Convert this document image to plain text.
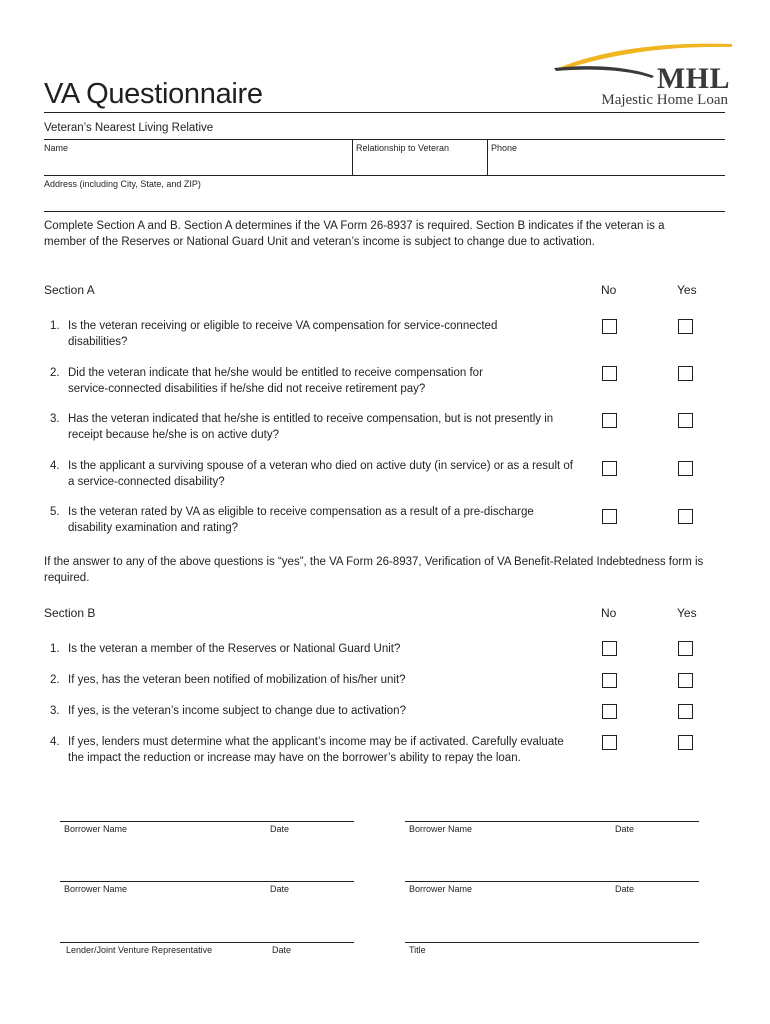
VA Questionnaire	MHL
Majestic Home Loan
Veteran’s Nearest Living Relative
Name	Relationship to Veteran	Phone
Address (including City, State, and ZIP)
Complete Section A and B. Section A determines if the VA Form 26-8937 is required. Section B indicates if the veteran is a member of the Reserves or National Guard Unit and veteran’s income is subject to change due to activation.
Section A	No	Yes
1. Is the veteran receiving or eligible to receive VA compensation for service-connected disabilities?
2. Did the veteran indicate that he/she would be entitled to receive compensation for service-connected disabilities if he/she did not receive retirement pay?
3. Has the veteran indicated that he/she is entitled to receive compensation, but is not presently in receipt because he/she is on active duty?
4. Is the applicant a surviving spouse of a veteran who died on active duty (in service) or as a result of a service-connected disability?
5. Is the veteran rated by VA as eligible to receive compensation as a result of a pre-discharge disability examination and rating?
If the answer to any of the above questions is “yes”, the VA Form 26-8937, Verification of VA Benefit-Related Indebtedness form is required.
Section B	No	Yes
1. Is the veteran a member of the Reserves or National Guard Unit?
2. If yes, has the veteran been notified of mobilization of his/her unit?
3. If yes, is the veteran’s income subject to change due to activation?
4. If yes, lenders must determine what the applicant’s income may be if activated. Carefully evaluate the impact the reduction or increase may have on the borrower’s ability to repay the loan.
Borrower Name	Date	Borrower Name	Date
Borrower Name	Date	Borrower Name	Date
Lender/Joint Venture Representative	Date	Title
